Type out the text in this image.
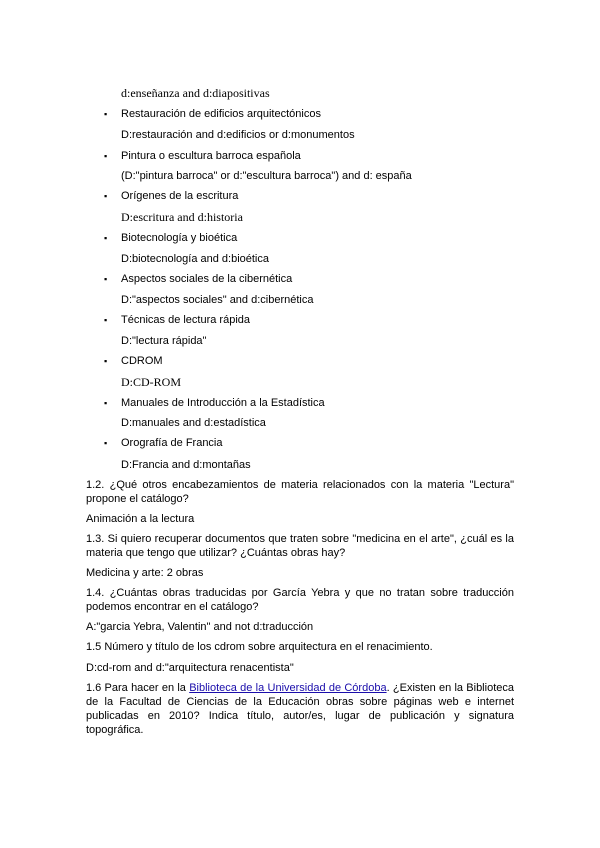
d:enseñanza and d:diapositivas
▪ Restauración de edificios arquitectónicos
D:restauración and d:edificios or d:monumentos
▪ Pintura o escultura barroca española
(D:"pintura barroca" or d:"escultura barroca") and d: españa
▪ Orígenes de la escritura
D:escritura and d:historia
▪ Biotecnología y bioética
D:biotecnología and d:bioética
▪ Aspectos sociales de la cibernética
D:"aspectos sociales" and d:cibernética
▪ Técnicas de lectura rápida
D:"lectura rápida"
▪ CDROM
D:CD-ROM
▪ Manuales de Introducción a la Estadística
D:manuales and d:estadística
▪ Orografía de Francia
D:Francia and d:montañas
1.2. ¿Qué otros encabezamientos de materia relacionados con la materia "Lectura" propone el catálogo?
Animación a la lectura
1.3. Si quiero recuperar documentos que traten sobre "medicina en el arte", ¿cuál es la materia que tengo que utilizar? ¿Cuántas obras hay?
Medicina y arte: 2 obras
1.4. ¿Cuántas obras traducidas por García Yebra y que no tratan sobre traducción podemos encontrar en el catálogo?
A:"garcia Yebra, Valentin" and not d:traducción
1.5 Número y título de los cdrom sobre arquitectura en el renacimiento.
D:cd-rom and d:"arquitectura renacentista"
1.6 Para hacer en la Biblioteca de la Universidad de Córdoba. ¿Existen en la Biblioteca de la Facultad de Ciencias de la Educación obras sobre páginas web e internet publicadas en 2010? Indica título, autor/es, lugar de publicación y signatura topográfica.
